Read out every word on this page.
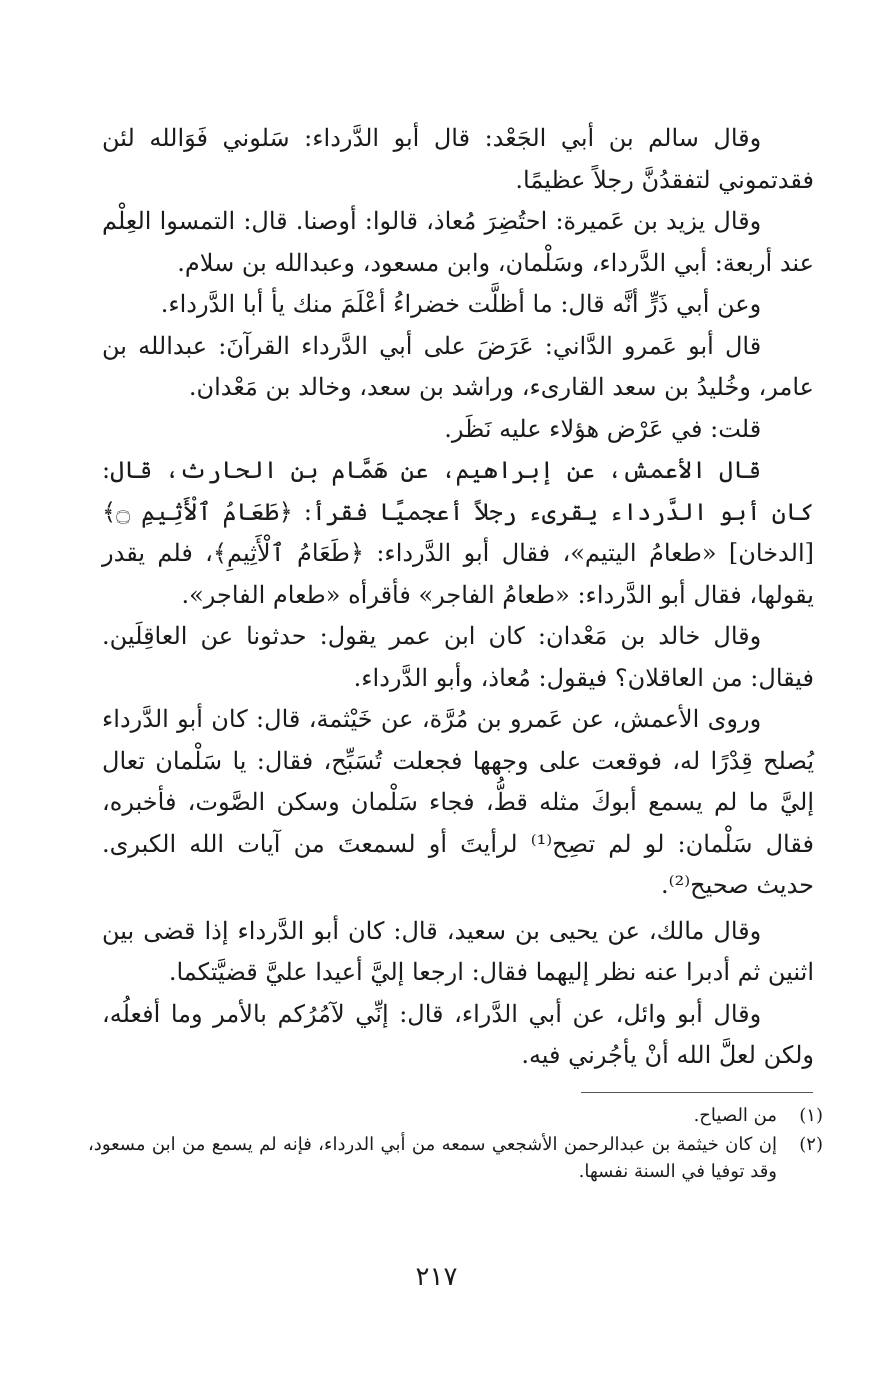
وقال سالم بن أبي الجَعْد: قال أبو الدَّرداء: سَلوني فَوَالله لئن فقدتموني لتفقدُنَّ رجلاً عظيمًا.

وقال يزيد بن عَميرة: احتُضِرَ مُعاذ، قالوا: أوصنا. قال: التمسوا العِلْم عند أربعة: أبي الدَّرداء، وسَلْمان، وابن مسعود، وعبدالله بن سلام.

وعن أبي ذَرٍّ أنَّه قال: ما أظلَّت خضراءُ أعْلَمَ منك يأ أبا الدَّرداء.

قال أبو عَمرو الدَّاني: عَرَضَ على أبي الدَّرداء القرآنَ: عبدالله بن عامر، وخُليدُ بن سعد القارىء، وراشد بن سعد، وخالد بن مَعْدان.

قلت: في عَرْض هؤلاء عليه نَظَر.

قال الأعمش، عن إبراهيم، عن هَمَّام بن الحارث، قال: كان أبو الدَّرداء يقرىء رجلاً أعجميًا فقرأ: ﴿طَعَامُ ٱلْأَثِيمِ ۝﴾ [الدخان] «طعامُ اليتيم»، فقال أبو الدَّرداء: ﴿طَعَامُ ٱلْأَثِيمِ﴾، فلم يقدر يقولها، فقال أبو الدَّرداء: «طعامُ الفاجر» فأقرأه «طعام الفاجر».

وقال خالد بن مَعْدان: كان ابن عمر يقول: حدثونا عن العاقِلَين. فيقال: من العاقلان؟ فيقول: مُعاذ، وأبو الدَّرداء.

وروى الأعمش، عن عَمرو بن مُرَّة، عن خَيْثمة، قال: كان أبو الدَّرداء يُصلح قِدْرًا له، فوقعت على وجهها فجعلت تُسَبِّح، فقال: يا سَلْمان تعال إليَّ ما لم يسمع أبوكَ مثله قطُّ، فجاء سَلْمان وسكن الصَّوت، فأخبره، فقال سَلْمان: لو لم تصِح⁽¹⁾ لرأيتَ أو لسمعتَ من آيات الله الكبرى. حديث صحيح⁽²⁾.

وقال مالك، عن يحيى بن سعيد، قال: كان أبو الدَّرداء إذا قضى بين اثنين ثم أدبرا عنه نظر إليهما فقال: ارجعا إليَّ أعيدا عليَّ قضيَّتكما.

وقال أبو وائل، عن أبي الدَّراء، قال: إنِّي لآمُرُكم بالأمر وما أفعلُه، ولكن لعلَّ الله أنْ يأجُرني فيه.

(١)
من الصياح.
(٢)
إن كان خيثمة بن عبدالرحمن الأشجعي سمعه من أبي الدرداء، فإنه لم يسمع من ابن مسعود، وقد توفيا في السنة نفسها.
٢١٧
